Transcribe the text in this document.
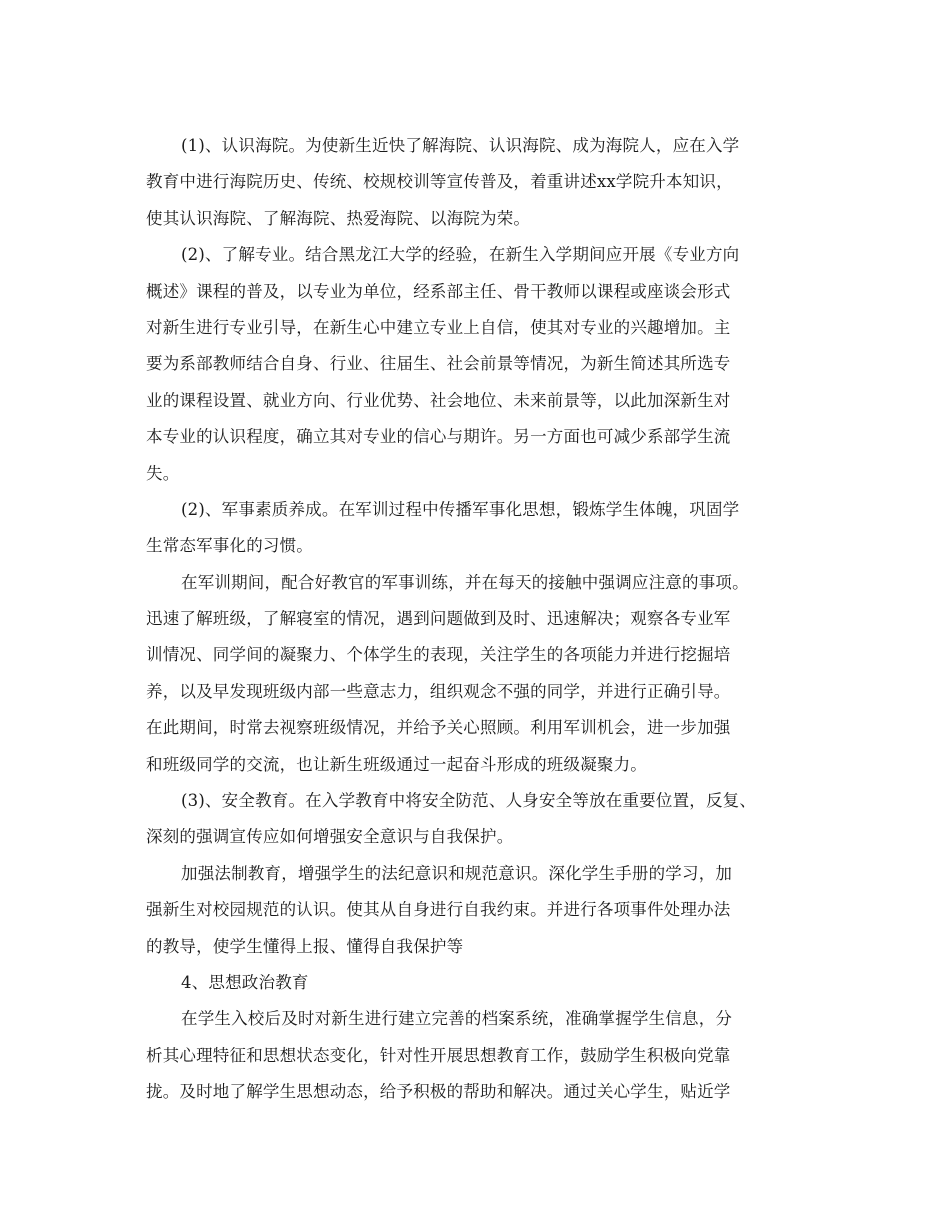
(1)、认识海院。为使新生近快了解海院、认识海院、成为海院人，应在入学
教育中进行海院历史、传统、校规校训等宣传普及，着重讲述xx学院升本知识，
使其认识海院、了解海院、热爱海院、以海院为荣。
(2)、了解专业。结合黑龙江大学的经验，在新生入学期间应开展《专业方向
概述》课程的普及，以专业为单位，经系部主任、骨干教师以课程或座谈会形式
对新生进行专业引导，在新生心中建立专业上自信，使其对专业的兴趣增加。主
要为系部教师结合自身、行业、往届生、社会前景等情况，为新生简述其所选专
业的课程设置、就业方向、行业优势、社会地位、未来前景等，以此加深新生对
本专业的认识程度，确立其对专业的信心与期许。另一方面也可减少系部学生流
失。
(2)、军事素质养成。在军训过程中传播军事化思想，锻炼学生体魄，巩固学
生常态军事化的习惯。
在军训期间，配合好教官的军事训练，并在每天的接触中强调应注意的事项。
迅速了解班级，了解寝室的情况，遇到问题做到及时、迅速解决；观察各专业军
训情况、同学间的凝聚力、个体学生的表现，关注学生的各项能力并进行挖掘培
养，以及早发现班级内部一些意志力，组织观念不强的同学，并进行正确引导。
在此期间，时常去视察班级情况，并给予关心照顾。利用军训机会，进一步加强
和班级同学的交流，也让新生班级通过一起奋斗形成的班级凝聚力。
(3)、安全教育。在入学教育中将安全防范、人身安全等放在重要位置，反复、
深刻的强调宣传应如何增强安全意识与自我保护。
加强法制教育，增强学生的法纪意识和规范意识。深化学生手册的学习，加
强新生对校园规范的认识。使其从自身进行自我约束。并进行各项事件处理办法
的教导，使学生懂得上报、懂得自我保护等
4、思想政治教育
在学生入校后及时对新生进行建立完善的档案系统，准确掌握学生信息，分
析其心理特征和思想状态变化，针对性开展思想教育工作，鼓励学生积极向党靠
拢。及时地了解学生思想动态，给予积极的帮助和解决。通过关心学生，贴近学
